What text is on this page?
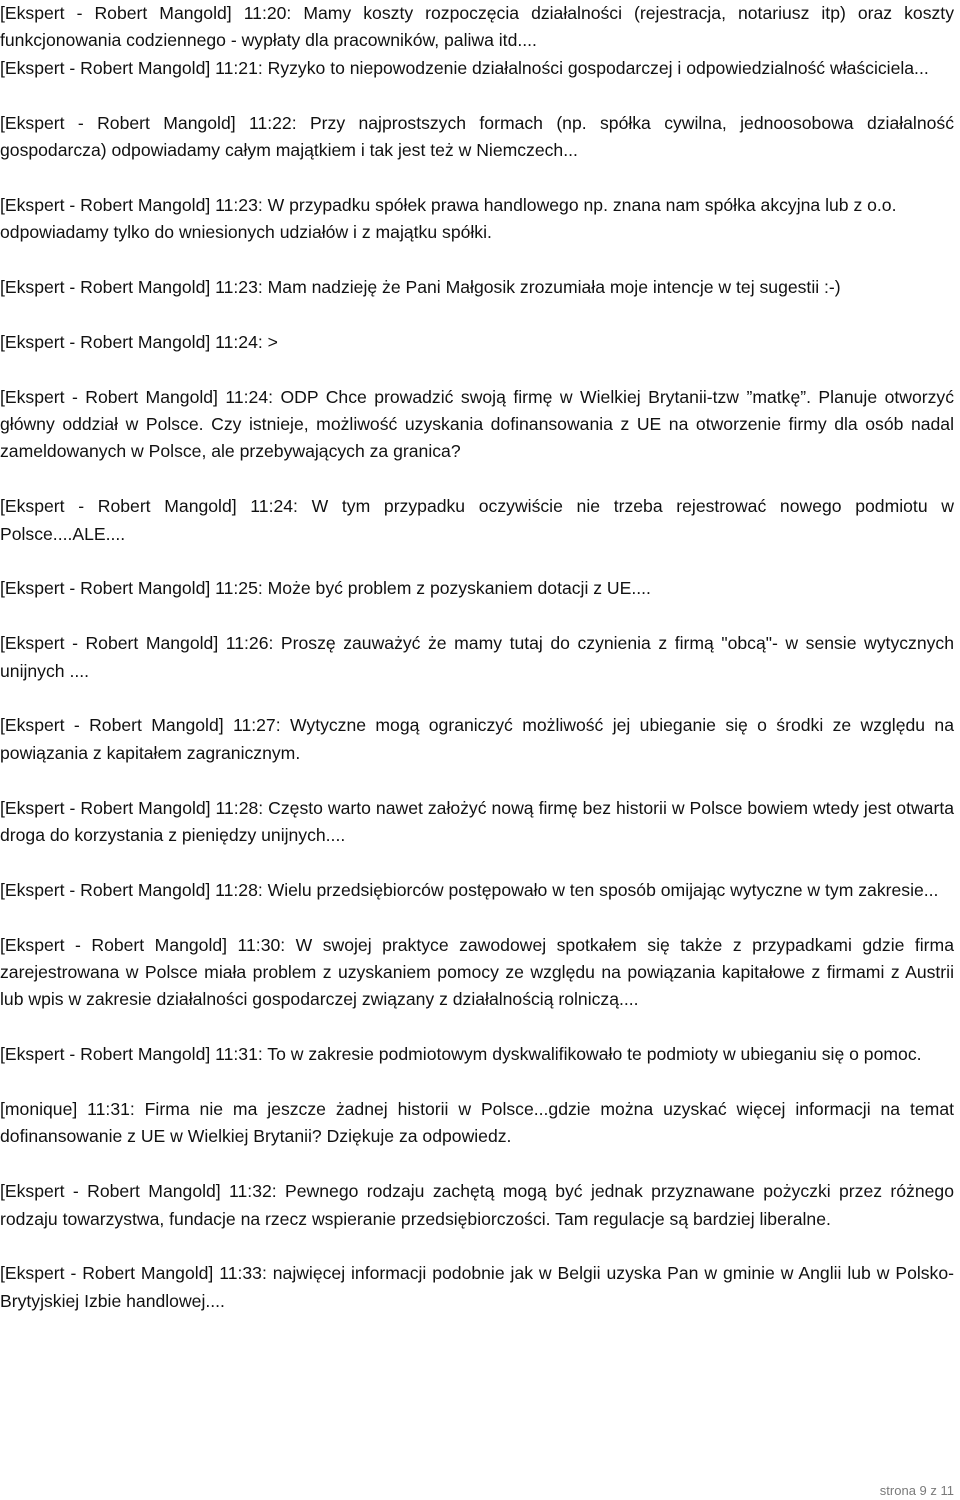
[Ekspert - Robert Mangold] 11:20: Mamy koszty rozpoczęcia działalności (rejestracja, notariusz itp) oraz koszty funkcjonowania codziennego - wypłaty dla pracowników, paliwa itd....

[Ekspert - Robert Mangold] 11:21: Ryzyko to niepowodzenie działalności gospodarczej i odpowiedzialność właściciela...

[Ekspert - Robert Mangold] 11:22: Przy najprostszych formach (np. spółka cywilna, jednoosobowa działalność gospodarcza) odpowiadamy całym majątkiem i tak jest też w Niemczech...

[Ekspert - Robert Mangold] 11:23: W przypadku spółek prawa handlowego np. znana nam spółka akcyjna lub z o.o. odpowiadamy tylko do wniesionych udziałów i z majątku spółki.

[Ekspert - Robert Mangold] 11:23: Mam nadzieję że Pani Małgosik zrozumiała moje intencje w tej sugestii :-)

[Ekspert - Robert Mangold] 11:24: >

[Ekspert - Robert Mangold] 11:24: ODP Chce prowadzić swoją firmę w Wielkiej Brytanii-tzw ”matkę”. Planuje otworzyć główny oddział w Polsce. Czy istnieje, możliwość uzyskania dofinansowania z UE na otworzenie firmy dla osób nadal zameldowanych w Polsce, ale przebywających za granica?

[Ekspert - Robert Mangold] 11:24: W tym przypadku oczywiście nie trzeba rejestrować nowego podmiotu w Polsce....ALE....

[Ekspert - Robert Mangold] 11:25: Może być problem z pozyskaniem dotacji z UE....

[Ekspert - Robert Mangold] 11:26: Proszę zauważyć że mamy tutaj do czynienia z firmą "obcą"- w sensie wytycznych unijnych ....

[Ekspert - Robert Mangold] 11:27: Wytyczne mogą ograniczyć możliwość jej ubieganie się o środki ze względu na powiązania z kapitałem zagranicznym.

[Ekspert - Robert Mangold] 11:28: Często warto nawet założyć nową firmę bez historii w Polsce bowiem wtedy jest otwarta droga do korzystania z pieniędzy unijnych....

[Ekspert - Robert Mangold] 11:28: Wielu przedsiębiorców postępowało w ten sposób omijając wytyczne w tym zakresie...

[Ekspert - Robert Mangold] 11:30: W swojej praktyce zawodowej spotkałem się także z przypadkami gdzie firma zarejestrowana w Polsce miała problem z uzyskaniem pomocy ze względu na powiązania kapitałowe z firmami z Austrii lub wpis w zakresie działalności gospodarczej związany z działalnością rolniczą....

[Ekspert - Robert Mangold] 11:31: To w zakresie podmiotowym dyskwalifikowało te podmioty w ubieganiu się o pomoc.

[monique] 11:31: Firma nie ma jeszcze żadnej historii w Polsce...gdzie można uzyskać więcej informacji na temat dofinansowanie z UE w Wielkiej Brytanii? Dziękuje za odpowiedz.

[Ekspert - Robert Mangold] 11:32: Pewnego rodzaju zachętą mogą być jednak przyznawane pożyczki przez różnego rodzaju towarzystwa, fundacje na rzecz wspieranie przedsiębiorczości. Tam regulacje są bardziej liberalne.

[Ekspert - Robert Mangold] 11:33: najwięcej informacji podobnie jak w Belgii uzyska Pan w gminie w Anglii lub w Polsko-Brytyjskiej Izbie handlowej....

strona 9 z 11
